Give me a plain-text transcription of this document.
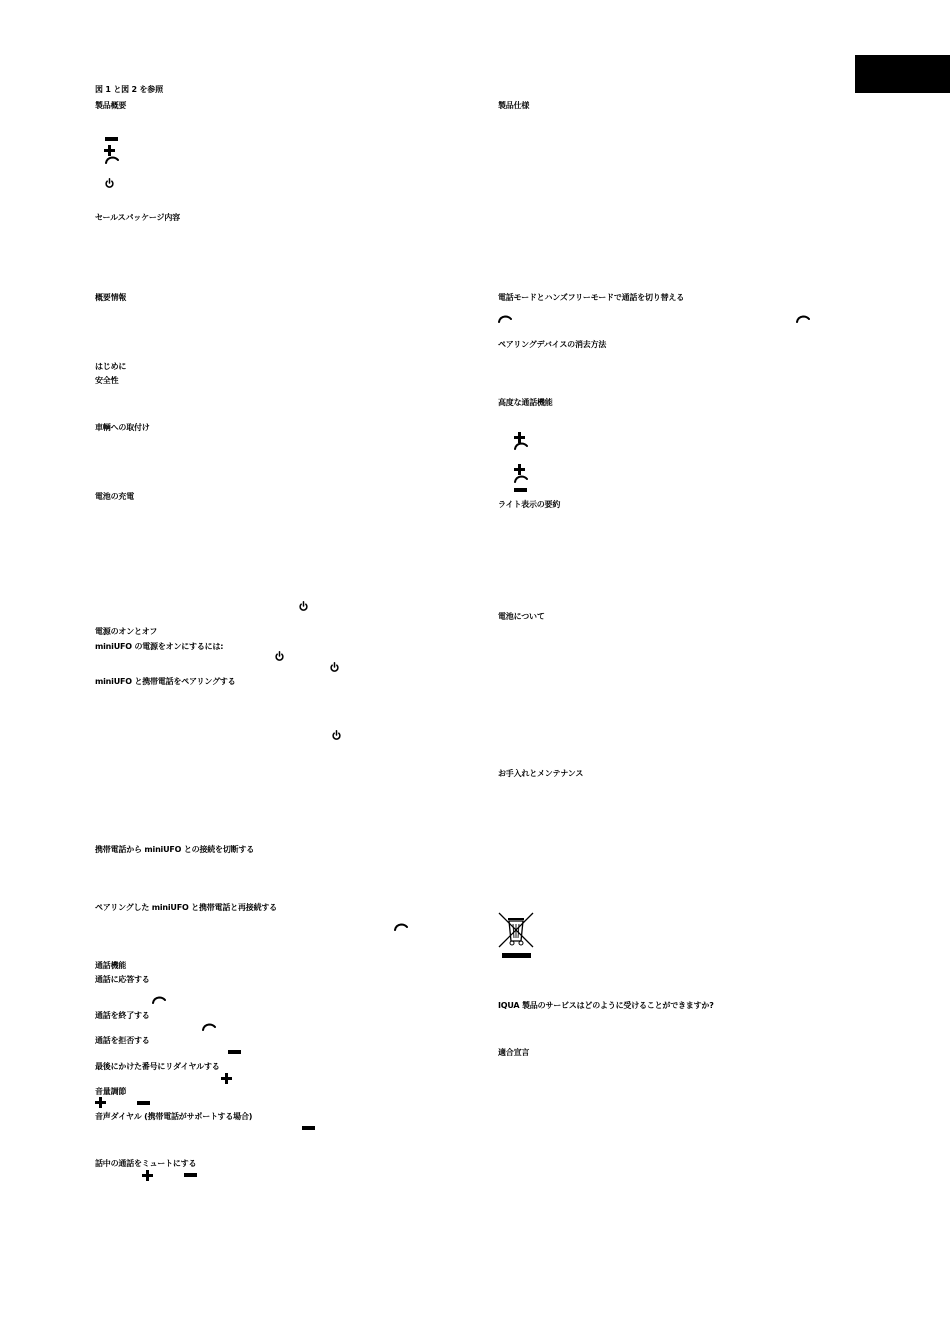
図 1 と図 2 を参照
製品概要
セールスパッケージ内容
概要情報
はじめに
安全性
車輌への取付け
電池の充電
電源のオンとオフ
miniUFO の電源をオンにするには:
miniUFO と携帯電話をペアリングする
携帯電話から miniUFO との接続を切断する
ペアリングした miniUFO と携帯電話と再接続する
通話機能
通話に応答する
通話を終了する
通話を拒否する
最後にかけた番号にリダイヤルする
音量調節
音声ダイヤル (携帯電話がサポートする場合)
話中の通話をミュートにする
製品仕様
電話モードとハンズフリーモードで通話を切り替える
ペアリングデバイスの消去方法
高度な通話機能
ライト表示の要約
電池について
お手入れとメンテナンス
IQUA 製品のサービスはどのように受けることができますか?
適合宣言
